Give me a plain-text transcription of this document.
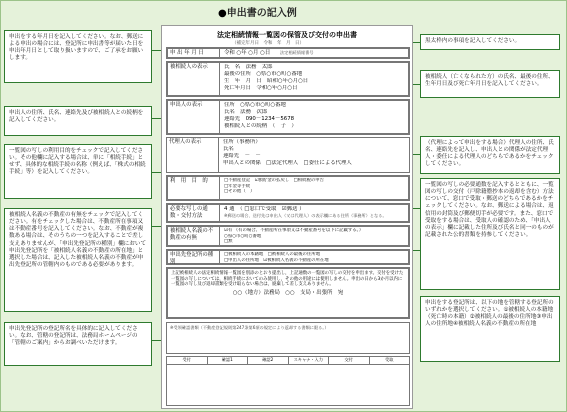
●申出書の記入例
申出をする年月日を記入してください。なお、郵送による申出の場合には、登記所に申出書等が届いた日を申出年月日として取り扱いますので、ご了承をお願いします。
申出人の住所、氏名、連絡先及び被相続人との続柄を記入してください。
一覧図の写しの利用目的をチェックで記入してください。その他欄に記入する場合は、単に「相続手続」とせず、具体的な相続手続の名称（例えば、「株式の相続手続」等）を記入してください。
被相続人名義の不動産の有無をチェックで記入してください。有をチェックした場合は、不動産所在事項又は不動産番号を記入してください。なお、不動産が複数ある場合は、そのうちの一つを記入することで差し支えありませんが、「申出先登記所の種別」欄において申出先登記所を「被相続人名義の不動産の所在地」と選択した場合は、記入した被相続人名義の不動産が申出先登記所の管轄内のものである必要があります。
申出先登記所の登記所名を具体的に記入してください。なお、管轄の登記所は、法務局ホームページの「管轄のご案内」からお調べいただけます。
黒太枠内の事項を記入してください。
被相続人（亡くなられた方）の氏名、最後の住所、生年月日及び死亡年月日を記入してください。
（代理によって申出をする場合）代理人の住所、氏名、連絡先を記入し、申出人との関係が法定代理人・委任による代理人のどちらであるかをチェックしてください。
一覧図の写しの必要通数を記入するとともに、一覧図の写しの交付（戸除籍謄抄本の返却を含む）方法について、窓口で受取・郵送のどちらであるかをチェックしてください。なお、郵送による場合は、返信用の封筒及び郵便切手が必要です。また、窓口で受取をする場合は、受取人の確認のため、「申出人の表示」欄に記載した住所及び氏名と同一のものが記載された公的書類を持参してください。
申出をする登記所は、以下の地を管轄する登記所のいずれかを選択してください。①被相続人の本籍地（死亡時の本籍）②被相続人の最後の住所地③申出人の住所地④被相続人名義の不動産の所在地
法定相続情報一覧図の保管及び交付の申出書
（補完年月日　令和　年　月　日）
申 出 年 月 日	令和 ○年 ○月 ○日 法定相続情報番号
被相続人の表示	氏　名　法務　太郎
最後の住所　○県○市○町○番地
生　年　月　日　昭和○年○月○日
死亡年月日　令和○年○月○日
申出人の表示	住所　○県○市○町○番地
氏名　法務　次郎
連絡先　090－1234－5678
被相続人との続柄　（　子　）
代理人の表示	住所（事務所）
氏名
連絡先　－　－
申出人との関係　□法定代理人　□委任による代理人
利　用　目　的	□不動産登記　☑預貯金の払戻し　□相続税の申告
□年金等手続
□その他（　）
必要な写しの通数・交付方法
4 通　（ □窓口で受取　☑郵送 ）
※郵送の場合、送付先は申出人（又は代理人）の表示欄にある住所（事務所）となる。
被相続人名義の不動産の有無
☑有 （有の場合、不動産所在事項又は不動産番号を以下に記載する。）
○県○市○町○番地
□無
申出先登記所の種別
□被相続人の本籍地　□被相続人の最後の住所地
□申出人の住所地　☑被相続人名義の不動産の所在地
上記被相続人の法定相続情報一覧図を別添のとおり提出し，上記通数の一覧図の写しの交付を申出ます。交付を受けた一覧図の写しについては，相続手続においてのみ使用し，その他の用途には使用しません。申出の日から3か月以内に一覧図の写し及び返却書類を受け取らない場合は，廃棄して差し支えありません。
○○（地方）法務局　○○　支局・出張所　宛
※受領確認書類（不動産登記規則第247条第6項の規定により返却する書類に限る。）
受付	確認1	確認2	スキャナ・入力	交付	受取
